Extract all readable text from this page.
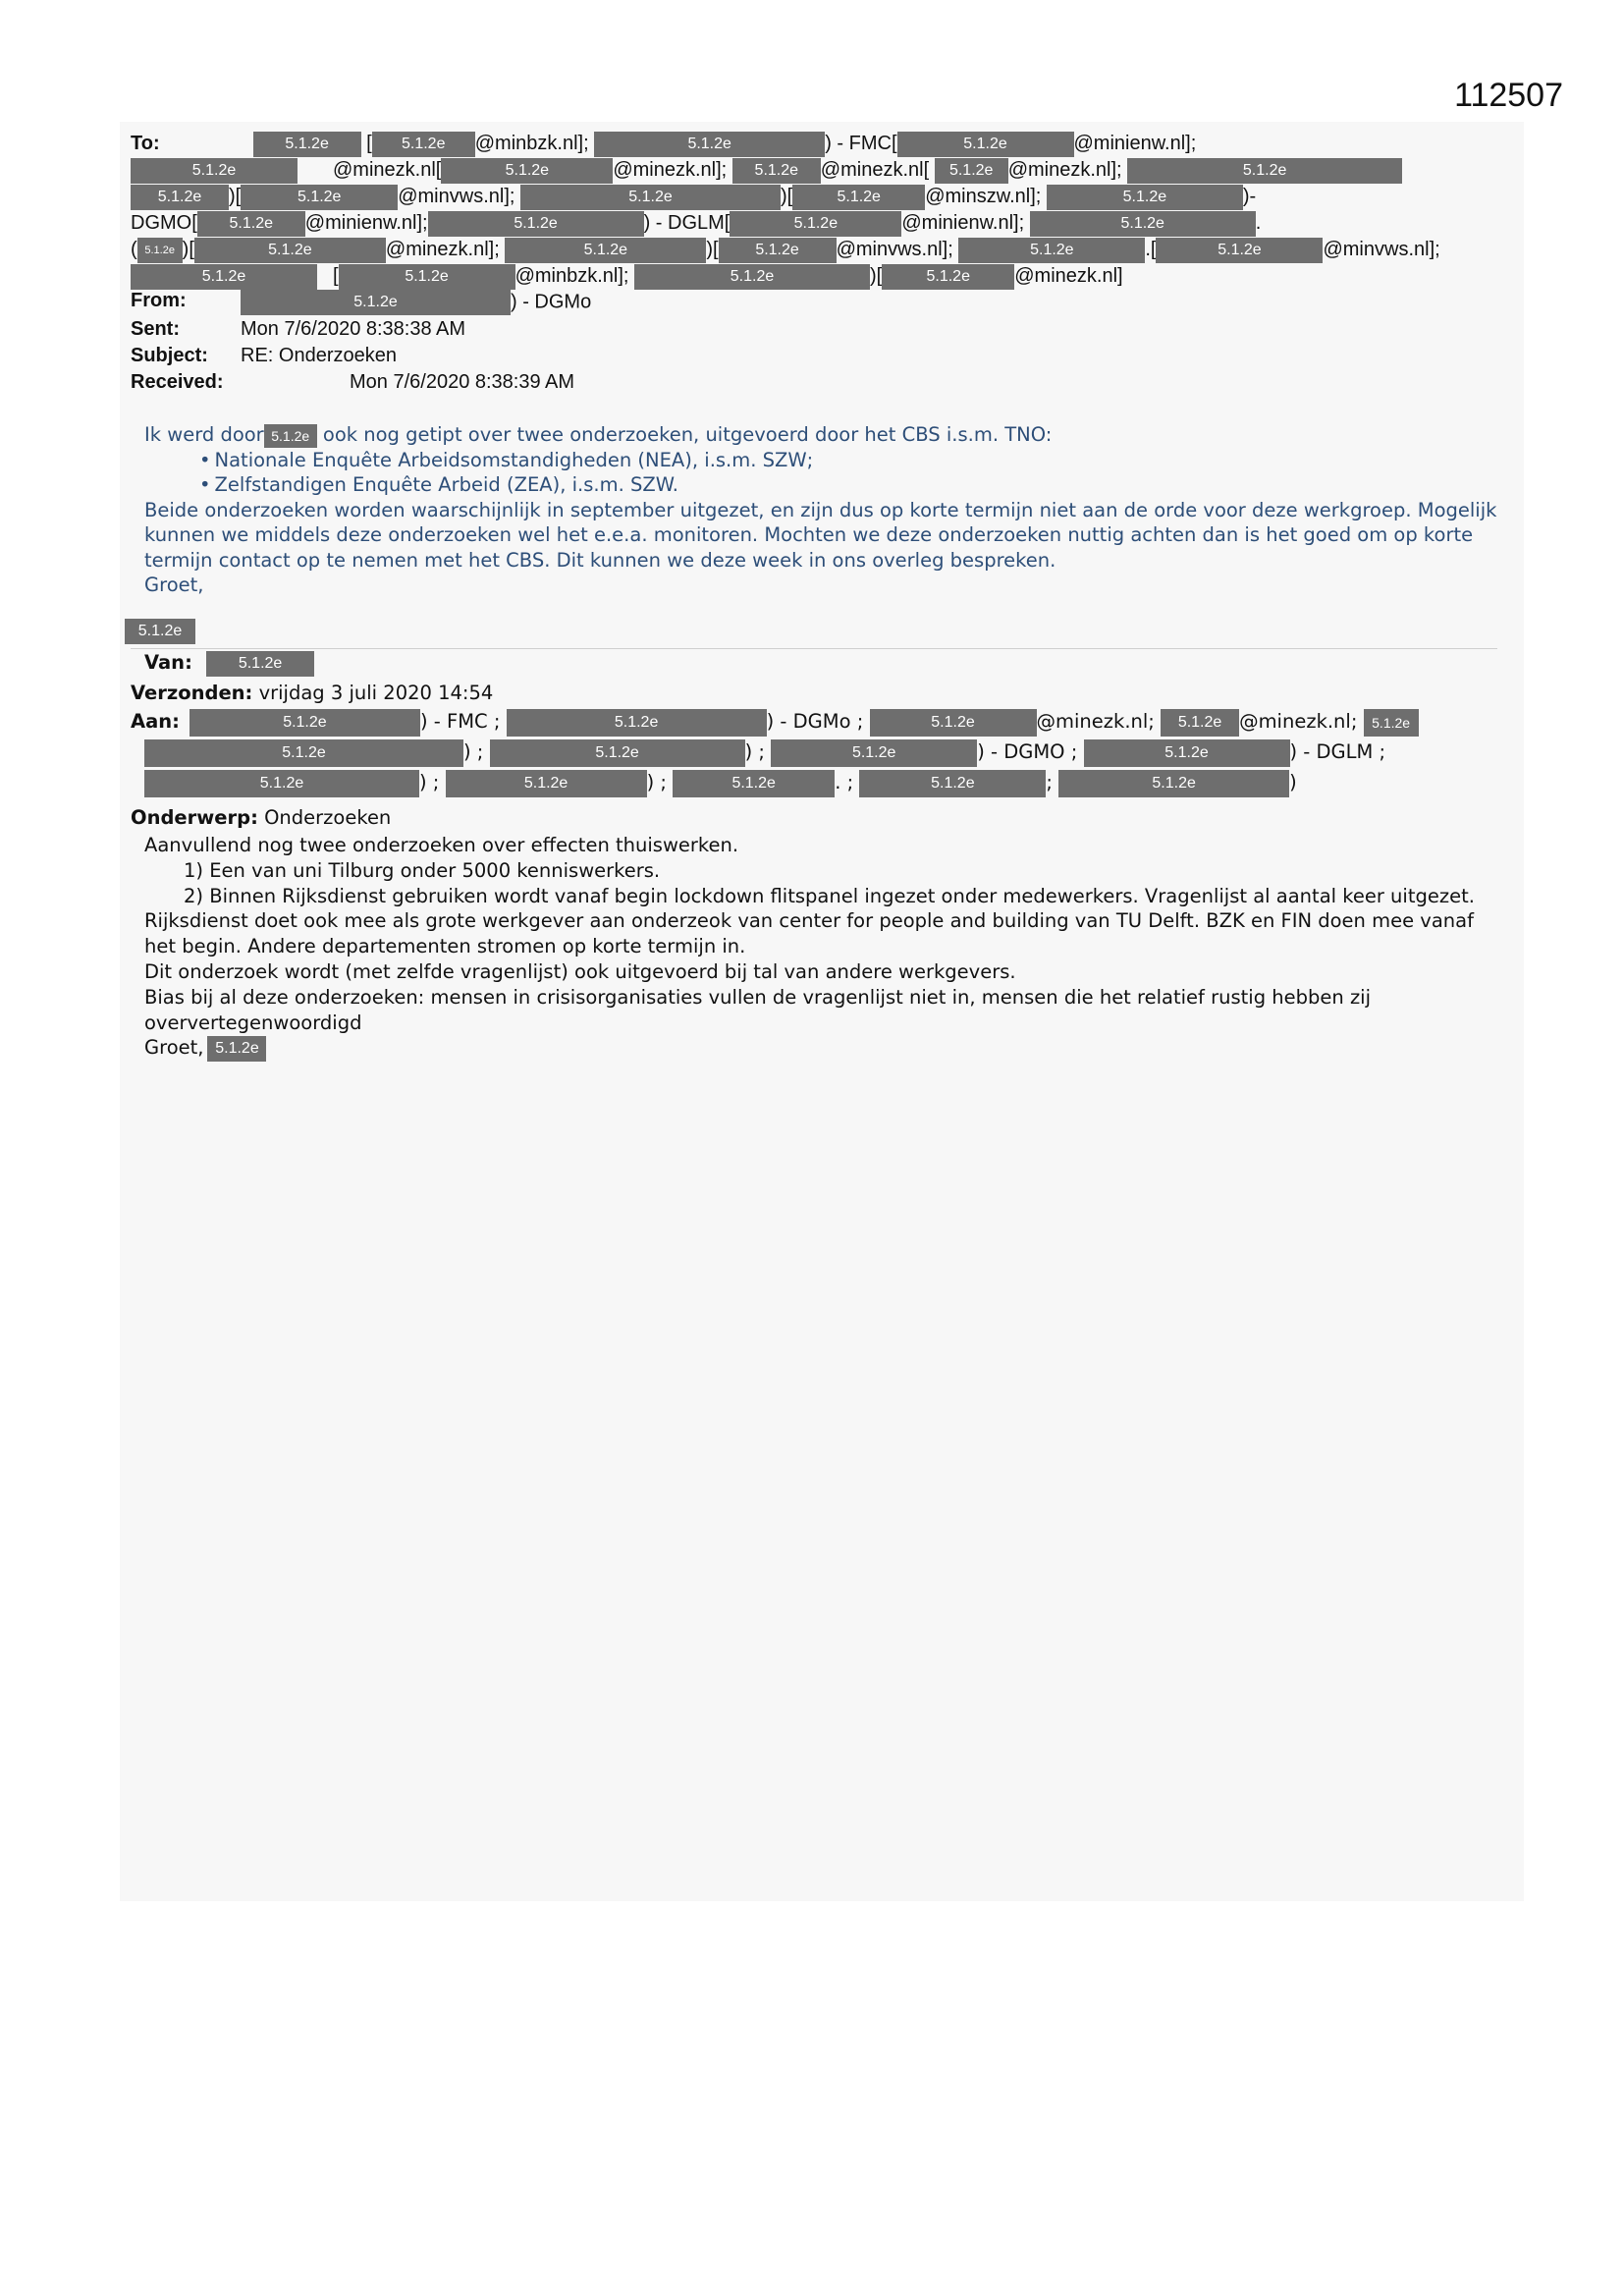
112507
To:	5.1.2e [ 5.1.2e @minbzk.nl];	5.1.2e	) - FMC[	5.1.2e	@minienw.nl];
5.1.2e	@minezk.nl[	5.1.2e	@minezk.nl]; 5.1.2e @minezk.nl[ 5.1.2e @minezk.nl];	5.1.2e
5.1.2e )[	5.1.2e	@minvws.nl];	5.1.2e	)[	5.1.2e @minszw.nl];	5.1.2e	)-
DGMO[ 5.1.2e @minienw.nl];	5.1.2e	) - DGLM[	5.1.2e	@minienw.nl];	5.1.2e	.
( 5.1.2e )[	5.1.2e	@minezk.nl];	5.1.2e	)[ 5.1.2e @minvws.nl];	5.1.2e	.[	5.1.2e	@minvws.nl];
5.1.2e	[	5.1.2e	@minbzk.nl];	5.1.2e	)[	5.1.2e @minezk.nl]
From:	5.1.2e	) - DGMo
Sent:	Mon 7/6/2020 8:38:38 AM
Subject: RE: Onderzoeken
Received:	Mon 7/6/2020 8:38:39 AM

Ik werd door 5.1.2e ook nog getipt over twee onderzoeken, uitgevoerd door het CBS i.s.m. TNO:

• Nationale Enquête Arbeidsomstandigheden (NEA), i.s.m. SZW;
• Zelfstandigen Enquête Arbeid (ZEA), i.s.m. SZW.

Beide onderzoeken worden waarschijnlijk in september uitgezet, en zijn dus op korte termijn niet aan de orde voor deze werkgroep. Mogelijk kunnen we middels deze onderzoeken wel het e.e.a. monitoren. Mochten we deze onderzoeken nuttig achten dan is het goed om op korte termijn contact op te nemen met het CBS. Dit kunnen we deze week in ons overleg bespreken.

Groet,

5.1.2e
Van:	5.1.2e
Verzonden: vrijdag 3 juli 2020 14:54
Aan:	5.1.2e	) - FMC ;	5.1.2e	) - DGMo ;	5.1.2e	@minezk.nl; 5.1.2e @minezk.nl; 5.1.2e
5.1.2e	) ;	5.1.2e	) ;	5.1.2e	) - DGMO ;	5.1.2e	) - DGLM ;
5.1.2e	) ;	5.1.2e	) ;	5.1.2e	. ;	5.1.2e	;	5.1.2e	)
Onderwerp: Onderzoeken

Aanvullend nog twee onderzoeken over effecten thuiswerken.

1) Een van uni Tilburg onder 5000 kenniswerkers.
2) Binnen Rijksdienst gebruiken wordt vanaf begin lockdown flitspanel ingezet onder medewerkers. Vragenlijst al aantal keer uitgezet.

Rijksdienst doet ook mee als grote werkgever aan onderzeok van center for people and building van TU Delft. BZK en FIN doen mee vanaf het begin. Andere departementen stromen op korte termijn in.

Dit onderzoek wordt (met zelfde vragenlijst) ook uitgevoerd bij tal van andere werkgevers.

Bias bij al deze onderzoeken: mensen in crisisorganisaties vullen de vragenlijst niet in, mensen die het relatief rustig hebben zij oververtegenwoordigd

Groet, 5.1.2e
